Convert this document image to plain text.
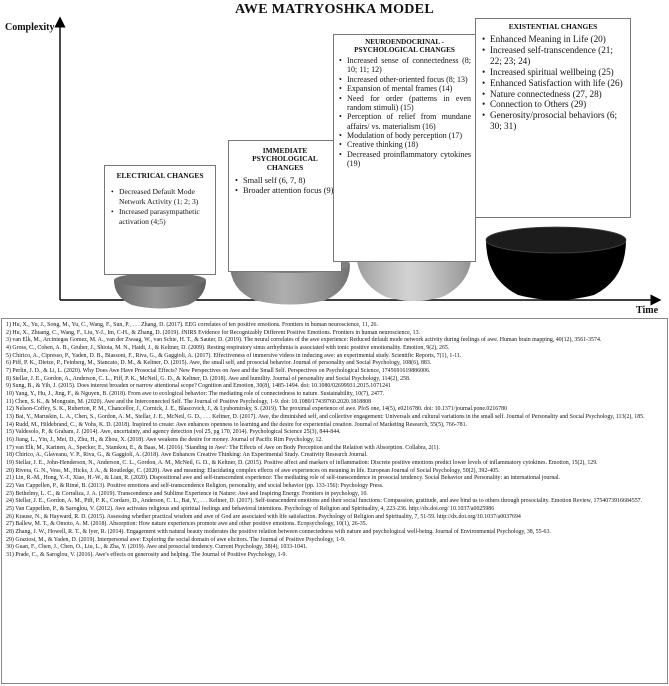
AWE MATRYOSHKA MODEL
Complexity
Time
ELECTRICAL CHANGES
• Decreased Default Mode Network Activity (1; 2; 3)
• Increased parasympathetic activation (4;5)
IMMEDIATE PSYCHOLOGICAL CHANGES
• Small self (6, 7, 8)
• Broader attention focus (9)
NEUROENDOCRINAL - PSYCHOLOGICAL CHANGES
• Increased sense of connectedness (8; 10; 11; 12)
• Increased other-oriented focus (8; 13)
• Expansion of mental frames (14)
• Need for order (patterns in even random stimuli) (15)
• Perception of relief from mundane affairs/ vs. materialism (16)
• Modulation of body perception (17)
• Creative thinking (18)
• Decreased proinflammatory cytokines (19)
EXISTENTIAL CHANGES
• Enhanced Meaning in Life (20)
• Increased self-transcendence (21; 22; 23; 24)
• Increased spiritual wellbeing (25)
• Enhanced Satisfaction with life (26)
• Nature connectedness (27, 28)
• Connection to Others (29)
• Generosity/prosocial behaviors (6; 30; 31)
1) Hu, X., Yu, J., Song, M., Yu, C., Wang, F., Sun, P., . . . Zhang, D. (2017). EEG correlates of ten positive emotions. Frontiers in human neuroscience, 11, 26.
2) Hu, X., Zhuang, C., Wang, F., Liu, Y-J., Im, C-H., & Zhang, D. (2019). fNIRS Evidence for Recognizably Different Positive Emotions. Frontiers in human neuroscience, 13.
3) van Elk, M., Arciniegas Gomez, M. A., van der Zwaag, W., van Schie, H. T., & Sauter, D. (2019). The neural correlates of the awe experience: Reduced default mode network activity during feelings of awe. Human brain mapping, 40(12), 3561-3574.
4) Gross, C., Cohen, A. B., Gruber, J., Shiota, M. N., Haidt, J., & Keltner, D. (2009). Resting respiratory sinus arrhythmia is associated with tonic positive emotionality. Emotion, 9(2), 265.
5) Chirico, A., Cipresso, P., Yaden, D. B., Biassoni, F., Riva, G., & Gaggioli, A. (2017). Effectiveness of immersive videos in inducing awe: an experimental study. Scientific Reports, 7(1), 1-11.
6) Piff, P. K., Dietze, P., Feinberg, M., Stancato, D. M., & Keltner, D. (2015). Awe, the small self, and prosocial behavior. Journal of personality and Social Psychology, 108(6), 883.
7) Perlin, J. D., & Li, L. (2020). Why Does Awe Have Prosocial Effects? New Perspectives on Awe and the Small Self. Perspectives on Psychological Science, 1745691619886006.
8) Stellar, J. E., Gordon, A., Anderson, C. L., Piff, P. K., McNeil, G. D., & Keltner, D. (2018). Awe and humility. Journal of personality and Social Psychology, 114(2), 258.
9) Sung, B., & Yih, J. (2015). Does interest broaden or narrow attentional scope? Cognition and Emotion, 30(8), 1485-1494. doi: 10.1080/02699931.2015.1071241
10) Yang, Y., Hu, J., Jing, F., & Nguyen, B. (2018). From awe to ecological behavior: The mediating role of connectedness to nature. Sustainability, 10(7), 2477.
11) Chen, S. K., & Mongrain, M. (2020). Awe and the Interconnected Self. The Journal of Positive Psychology, 1-9. doi: 10.1080/17439760.2020.1818808
12) Nelson-Coffey, S. K., Ruberton, P. M., Chancellor, J., Cornick, J. E., Blascovich, J., & Lyubomirsky, S. (2019). The proximal experience of awe. PloS one, 14(5), e0216780. doi: 10.1371/journal.pone.0216780
13) Bai, Y., Maruskin, L. A., Chen, S., Gordon, A. M., Stellar, J. E., McNeil, G. D., . . . Keltner, D. (2017). Awe, the diminished self, and collective engagement: Universals and cultural variations in the small self. Journal of Personality and Social Psychology, 113(2), 185.
14) Rudd, M., Hildebrand, C., & Vohs, K. D. (2018). Inspired to create: Awe enhances openness to learning and the desire for experiential creation. Journal of Marketing Research, 55(5), 766-781.
15) Valdesolo, P., & Graham, J. (2014). Awe, uncertainty, and agency detection (vol 25, pg 170, 2014). Psychological Science 25(3), 844-844.
16) Jiang, L., Yin, J., Mei, D., Zhu, H., & Zhou, X. (2018). Awe weakens the desire for money. Journal of Pacific Rim Psychology, 12.
17) van Elk, M., Karinen, A., Specker, E., Stamkou, E., & Baas, M. (2016). 'Standing in Awe': The Effects of Awe on Body Perception and the Relation with Absorption. Collabra, 2(1).
18) Chirico, A., Glaveanu, V. P., Riva, G., & Gaggioli, A. (2018). Awe Enhances Creative Thinking: An Experimental Study. Creativity Research Journal.
19) Stellar, J. E., John-Henderson, N., Anderson, C. L., Gordon, A. M., McNeil, G. D., & Keltner, D. (2015). Positive affect and markers of inflammation: Discrete positive emotions predict lower levels of inflammatory cytokines. Emotion, 15(2), 129.
20) Rivera, G. N., Vess, M., Hicks, J. A., & Routledge, C. (2020). Awe and meaning: Elucidating complex effects of awe experiences on meaning in life. European Journal of Social Psychology, 50(2), 392-405.
21) Lin, R.-M., Hong, Y.-J., Xiao, H.-W., & Lian, R. (2020). Dispositional awe and self-transcendent experience: The mediating role of self-transcendence in prosocial tendency. Social Behavior and Personality: an international journal.
22) Van Cappellen, P., & Rimé, B. (2013). Positive emotions and self-transcendence Religion, personality, and social behavior (pp. 133-156): Psychology Press.
23) Bethelmy, L. C., & Corraliza, J. A. (2019). Transcendence and Sublime Experience in Nature: Awe and Inspiring Energy. Frontiers in psychology, 10.
24) Stellar, J. E., Gordon, A. M., Piff, P. K., Cordaro, D., Anderson, C. L., Bai, Y., . . . Keltner, D. (2017). Self-transcendent emotions and their social functions: Compassion, gratitude, and awe bind us to others through prosociality. Emotion Review, 1754073916684557.
25) Van Cappellen, P., & Saroglou, V. (2012). Awe activates religious and spiritual feelings and behavioral intentions. Psychology of Religion and Spirituality, 4, 223-236. http://dx.doi.org/ 10.1037/a0025986
26) Krause, N., & Hayward, R. D. (2015). Assessing whether practical wisdom and awe of God are associated with life satisfaction. Psychology of Religion and Spirituality, 7, 51-59. http://dx.doi.org/10.1037/a0037694
27) Ballew, M. T., & Omoto, A. M. (2018). Absorption: How nature experiences promote awe and other positive emotions. Ecopsychology, 10(1), 26-35.
28) Zhang, J. W., Howell, R. T., & Iyer, R. (2014). Engagement with natural beauty moderates the positive relation between connectedness with nature and psychological well-being. Journal of Environmental Psychology, 38, 55-63.
29) Graziosi, M., & Yaden, D. (2019). Interpersonal awe: Exploring the social domain of awe elicitors. The Journal of Positive Psychology, 1-9.
30) Guan, F., Chen, J., Chen, O., Liu, L., & Zha, Y. (2019). Awe and prosocial tendency. Current Psychology, 38(4), 1033-1041.
31) Prade, C., & Saroglou, V. (2016). Awe's effects on generosity and helping. The Journal of Positive Psychology, 1-9.
